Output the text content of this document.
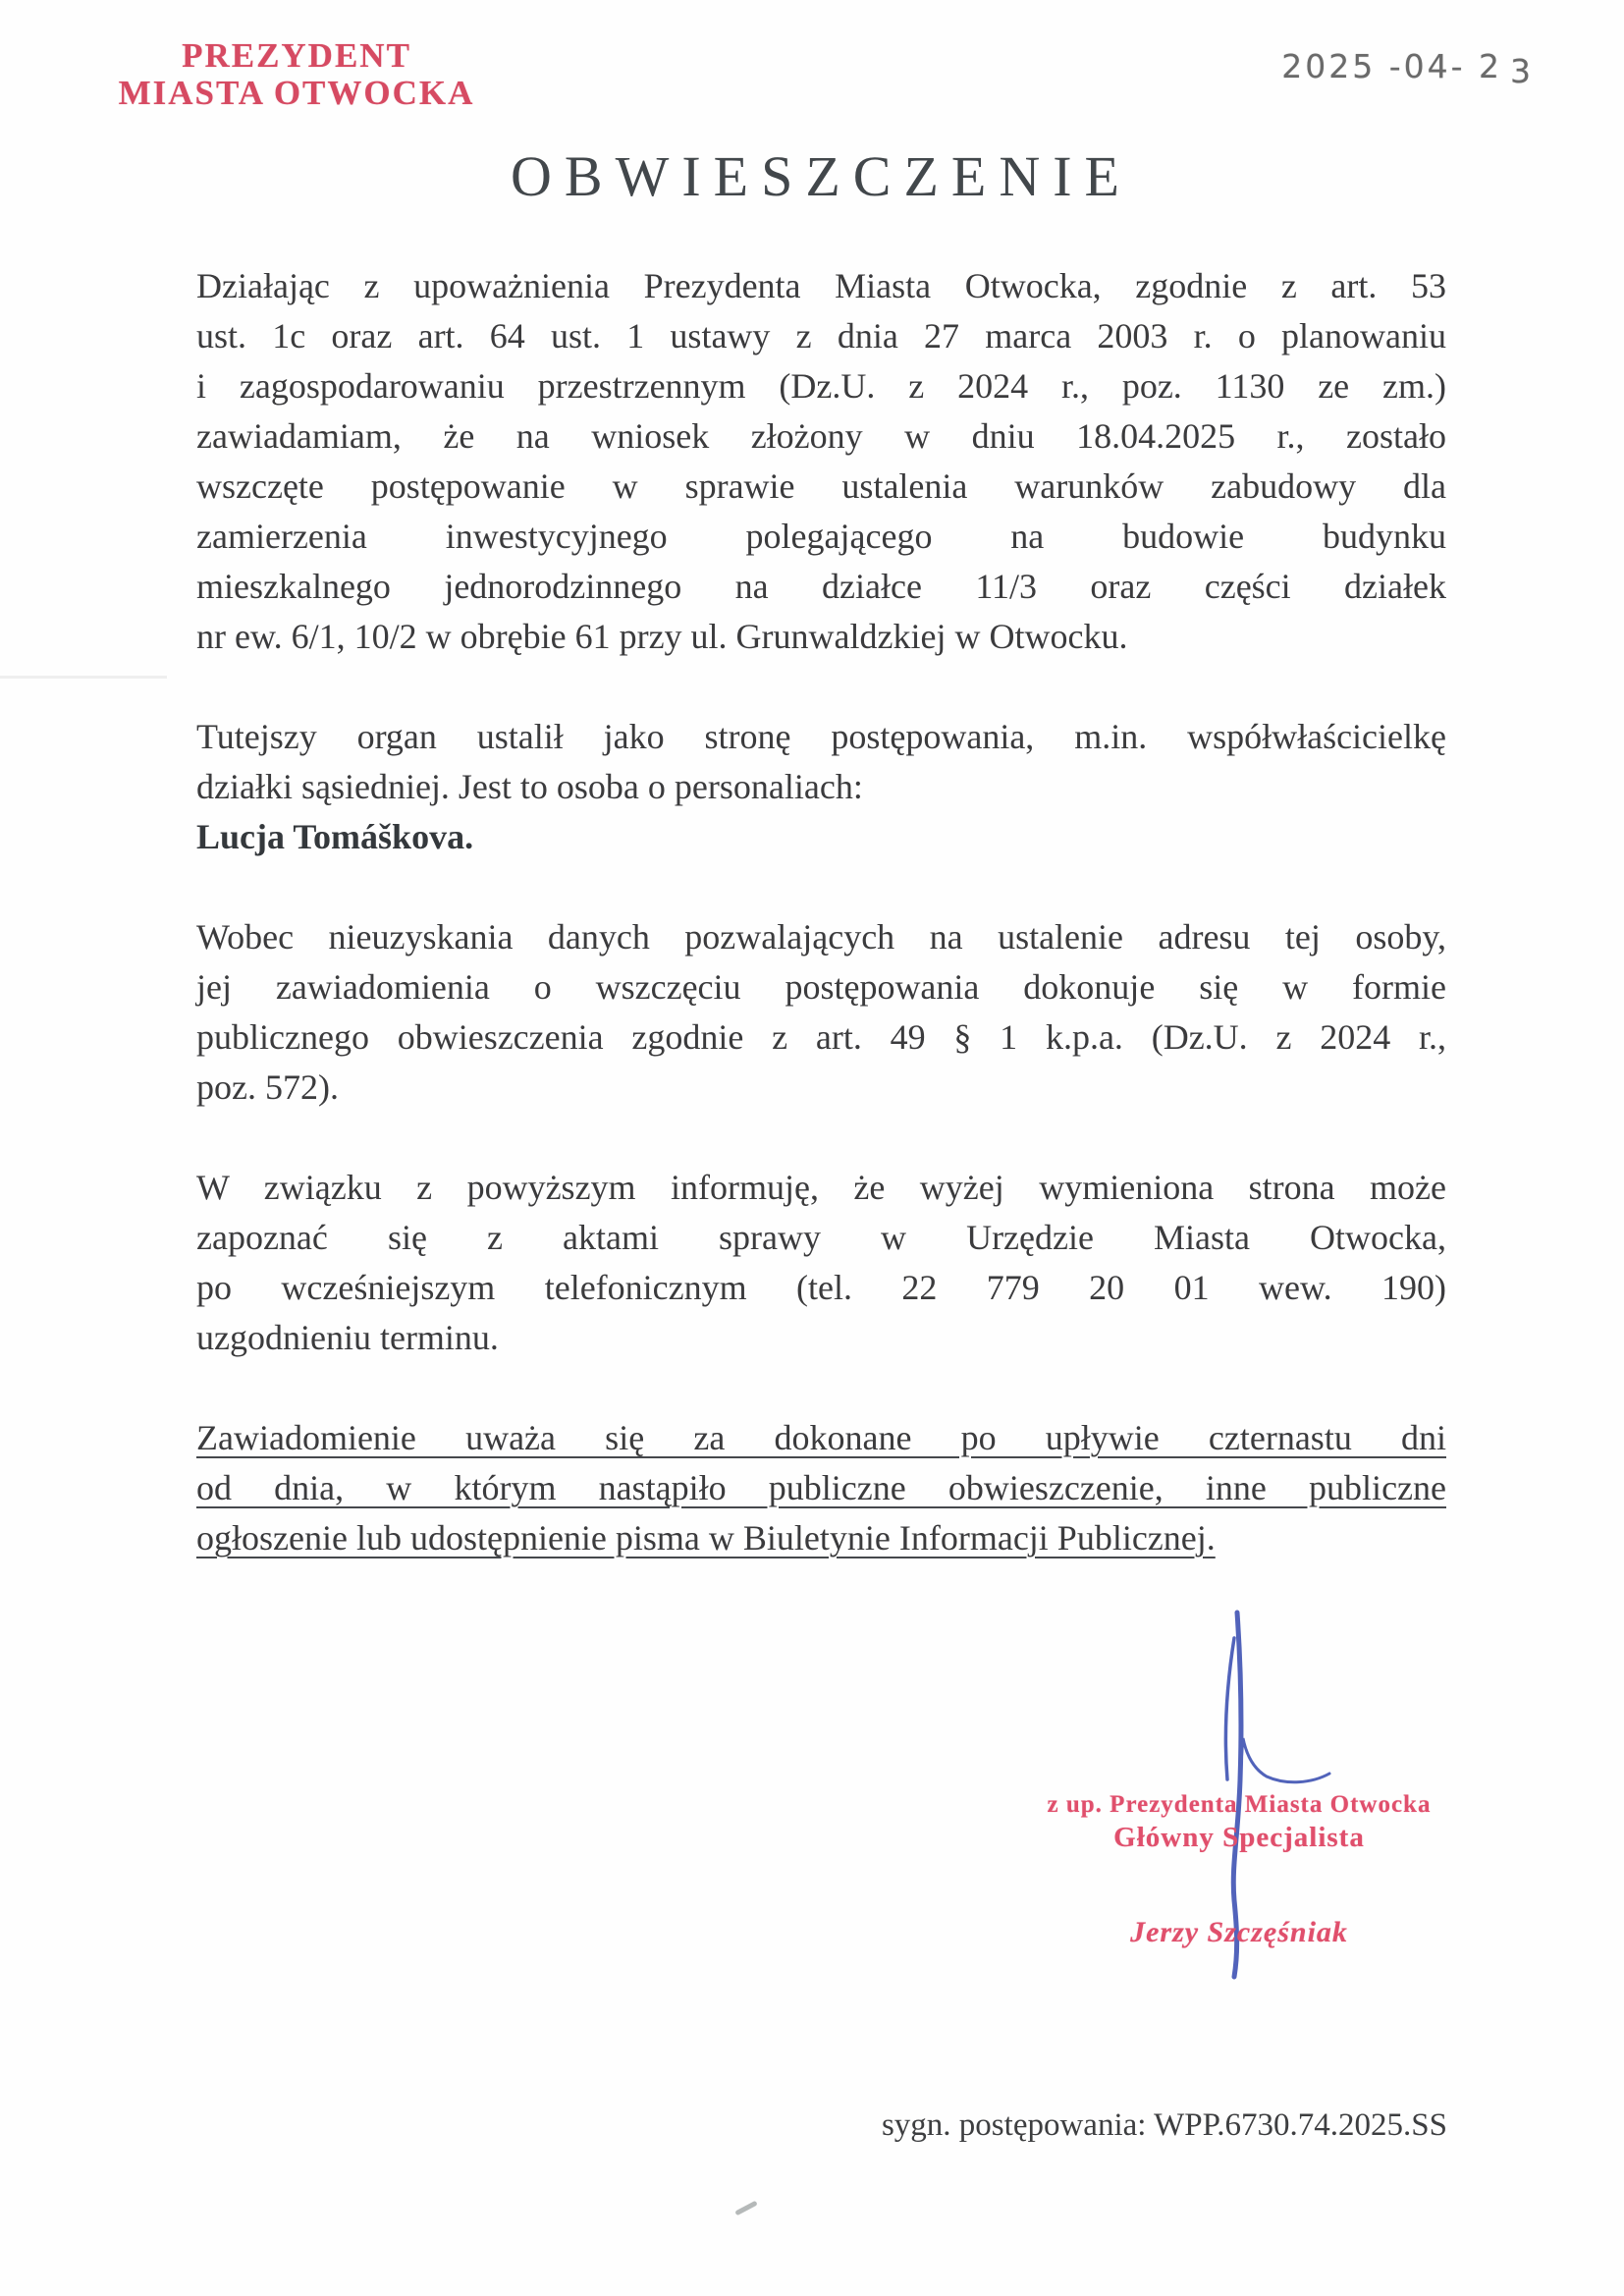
PREZYDENT
MIASTA OTWOCKA
2025 -04- 2 3
OBWIESZCZENIE
Działając z upoważnienia Prezydenta Miasta Otwocka, zgodnie z art. 53
ust. 1c oraz art. 64 ust. 1 ustawy z dnia 27 marca 2003 r. o planowaniu
i zagospodarowaniu przestrzennym (Dz.U. z 2024 r., poz. 1130 ze zm.)
zawiadamiam, że na wniosek złożony w dniu 18.04.2025 r., zostało
wszczęte postępowanie w sprawie ustalenia warunków zabudowy dla
zamierzenia inwestycyjnego polegającego na budowie budynku
mieszkalnego jednorodzinnego na działce 11/3 oraz części działek
nr ew. 6/1, 10/2 w obrębie 61 przy ul. Grunwaldzkiej w Otwocku.
Tutejszy organ ustalił jako stronę postępowania, m.in. współwłaścicielkę
działki sąsiedniej. Jest to osoba o personaliach:
Lucja Tomáškova.
Wobec nieuzyskania danych pozwalających na ustalenie adresu tej osoby,
jej zawiadomienia o wszczęciu postępowania dokonuje się w formie
publicznego obwieszczenia zgodnie z art. 49 § 1 k.p.a. (Dz.U. z 2024 r.,
poz. 572).
W związku z powyższym informuję, że wyżej wymieniona strona może
zapoznać się z aktami sprawy w Urzędzie Miasta Otwocka,
po wcześniejszym telefonicznym (tel. 22 779 20 01 wew. 190)
uzgodnieniu terminu.
Zawiadomienie uważa się za dokonane po upływie czternastu dni
od dnia, w którym nastąpiło publiczne obwieszczenie, inne publiczne
ogłoszenie lub udostępnienie pisma w Biuletynie Informacji Publicznej.
z up. Prezydenta Miasta Otwocka
Główny Specjalista
Jerzy Szczęśniak
sygn. postępowania: WPP.6730.74.2025.SS
